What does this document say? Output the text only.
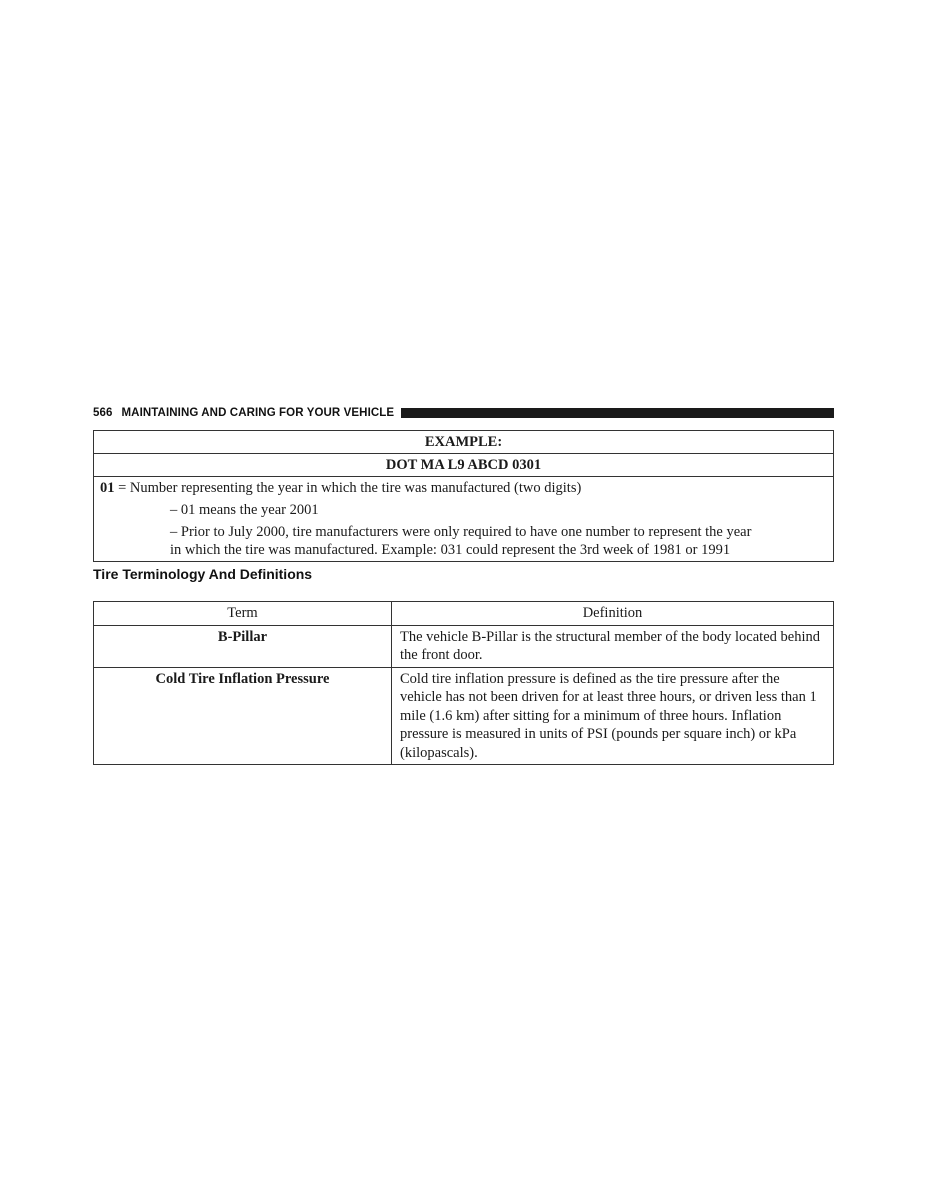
566 MAINTAINING AND CARING FOR YOUR VEHICLE
EXAMPLE:
DOT MA L9 ABCD 0301

01 = Number representing the year in which the tire was manufactured (two digits)
– 01 means the year 2001
– Prior to July 2000, tire manufacturers were only required to have one number to represent the year
in which the tire was manufactured. Example: 031 could represent the 3rd week of 1981 or 1991
Tire Terminology And Definitions
Term	Definition
B-Pillar	The vehicle B-Pillar is the structural member of the body located behind the front door.
Cold Tire Inflation Pressure	Cold tire inflation pressure is defined as the tire pressure after the vehicle has not been driven for at least three hours, or driven less than 1 mile (1.6 km) after sitting for a minimum of three hours. Inflation pressure is measured in units of PSI (pounds per square inch) or kPa (kilopascals).
